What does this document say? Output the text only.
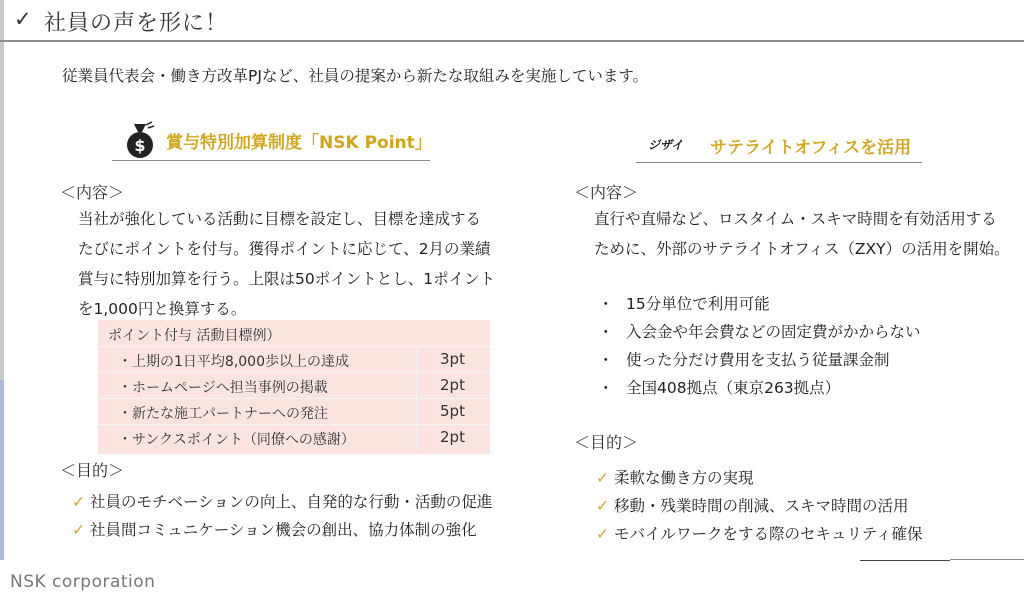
✓ 社員の声を形に！
従業員代表会・働き方改革PJなど、社員の提案から新たな取組みを実施しています。
$ 賞与特別加算制度「NSK Point」
＜内容＞
当社が強化している活動に目標を設定し、目標を達成する
たびにポイントを付与。獲得ポイントに応じて、2月の業績
賞与に特別加算を行う。上限は50ポイントとし、1ポイント
を1,000円と換算する。
ポイント付与 活動目標例）
・上期の1日平均8,000歩以上の達成	3pt
・ホームページへ担当事例の掲載	2pt
・新たな施工パートナーへの発注	5pt
・サンクスポイント（同僚への感謝）	2pt
＜目的＞
✓ 社員のモチベーションの向上、自発的な行動・活動の促進
✓ 社員間コミュニケーション機会の創出、協力体制の強化
ジザイ サテライトオフィスを活用
＜内容＞
直行や直帰など、ロスタイム・スキマ時間を有効活用する
ために、外部のサテライトオフィス（ZXY）の活用を開始。
・ 15分単位で利用可能
・ 入会金や年会費などの固定費がかからない
・ 使った分だけ費用を支払う従量課金制
・ 全国408拠点（東京263拠点）
＜目的＞
✓ 柔軟な働き方の実現
✓ 移動・残業時間の削減、スキマ時間の活用
✓ モバイルワークをする際のセキュリティ確保
NSK corporation
